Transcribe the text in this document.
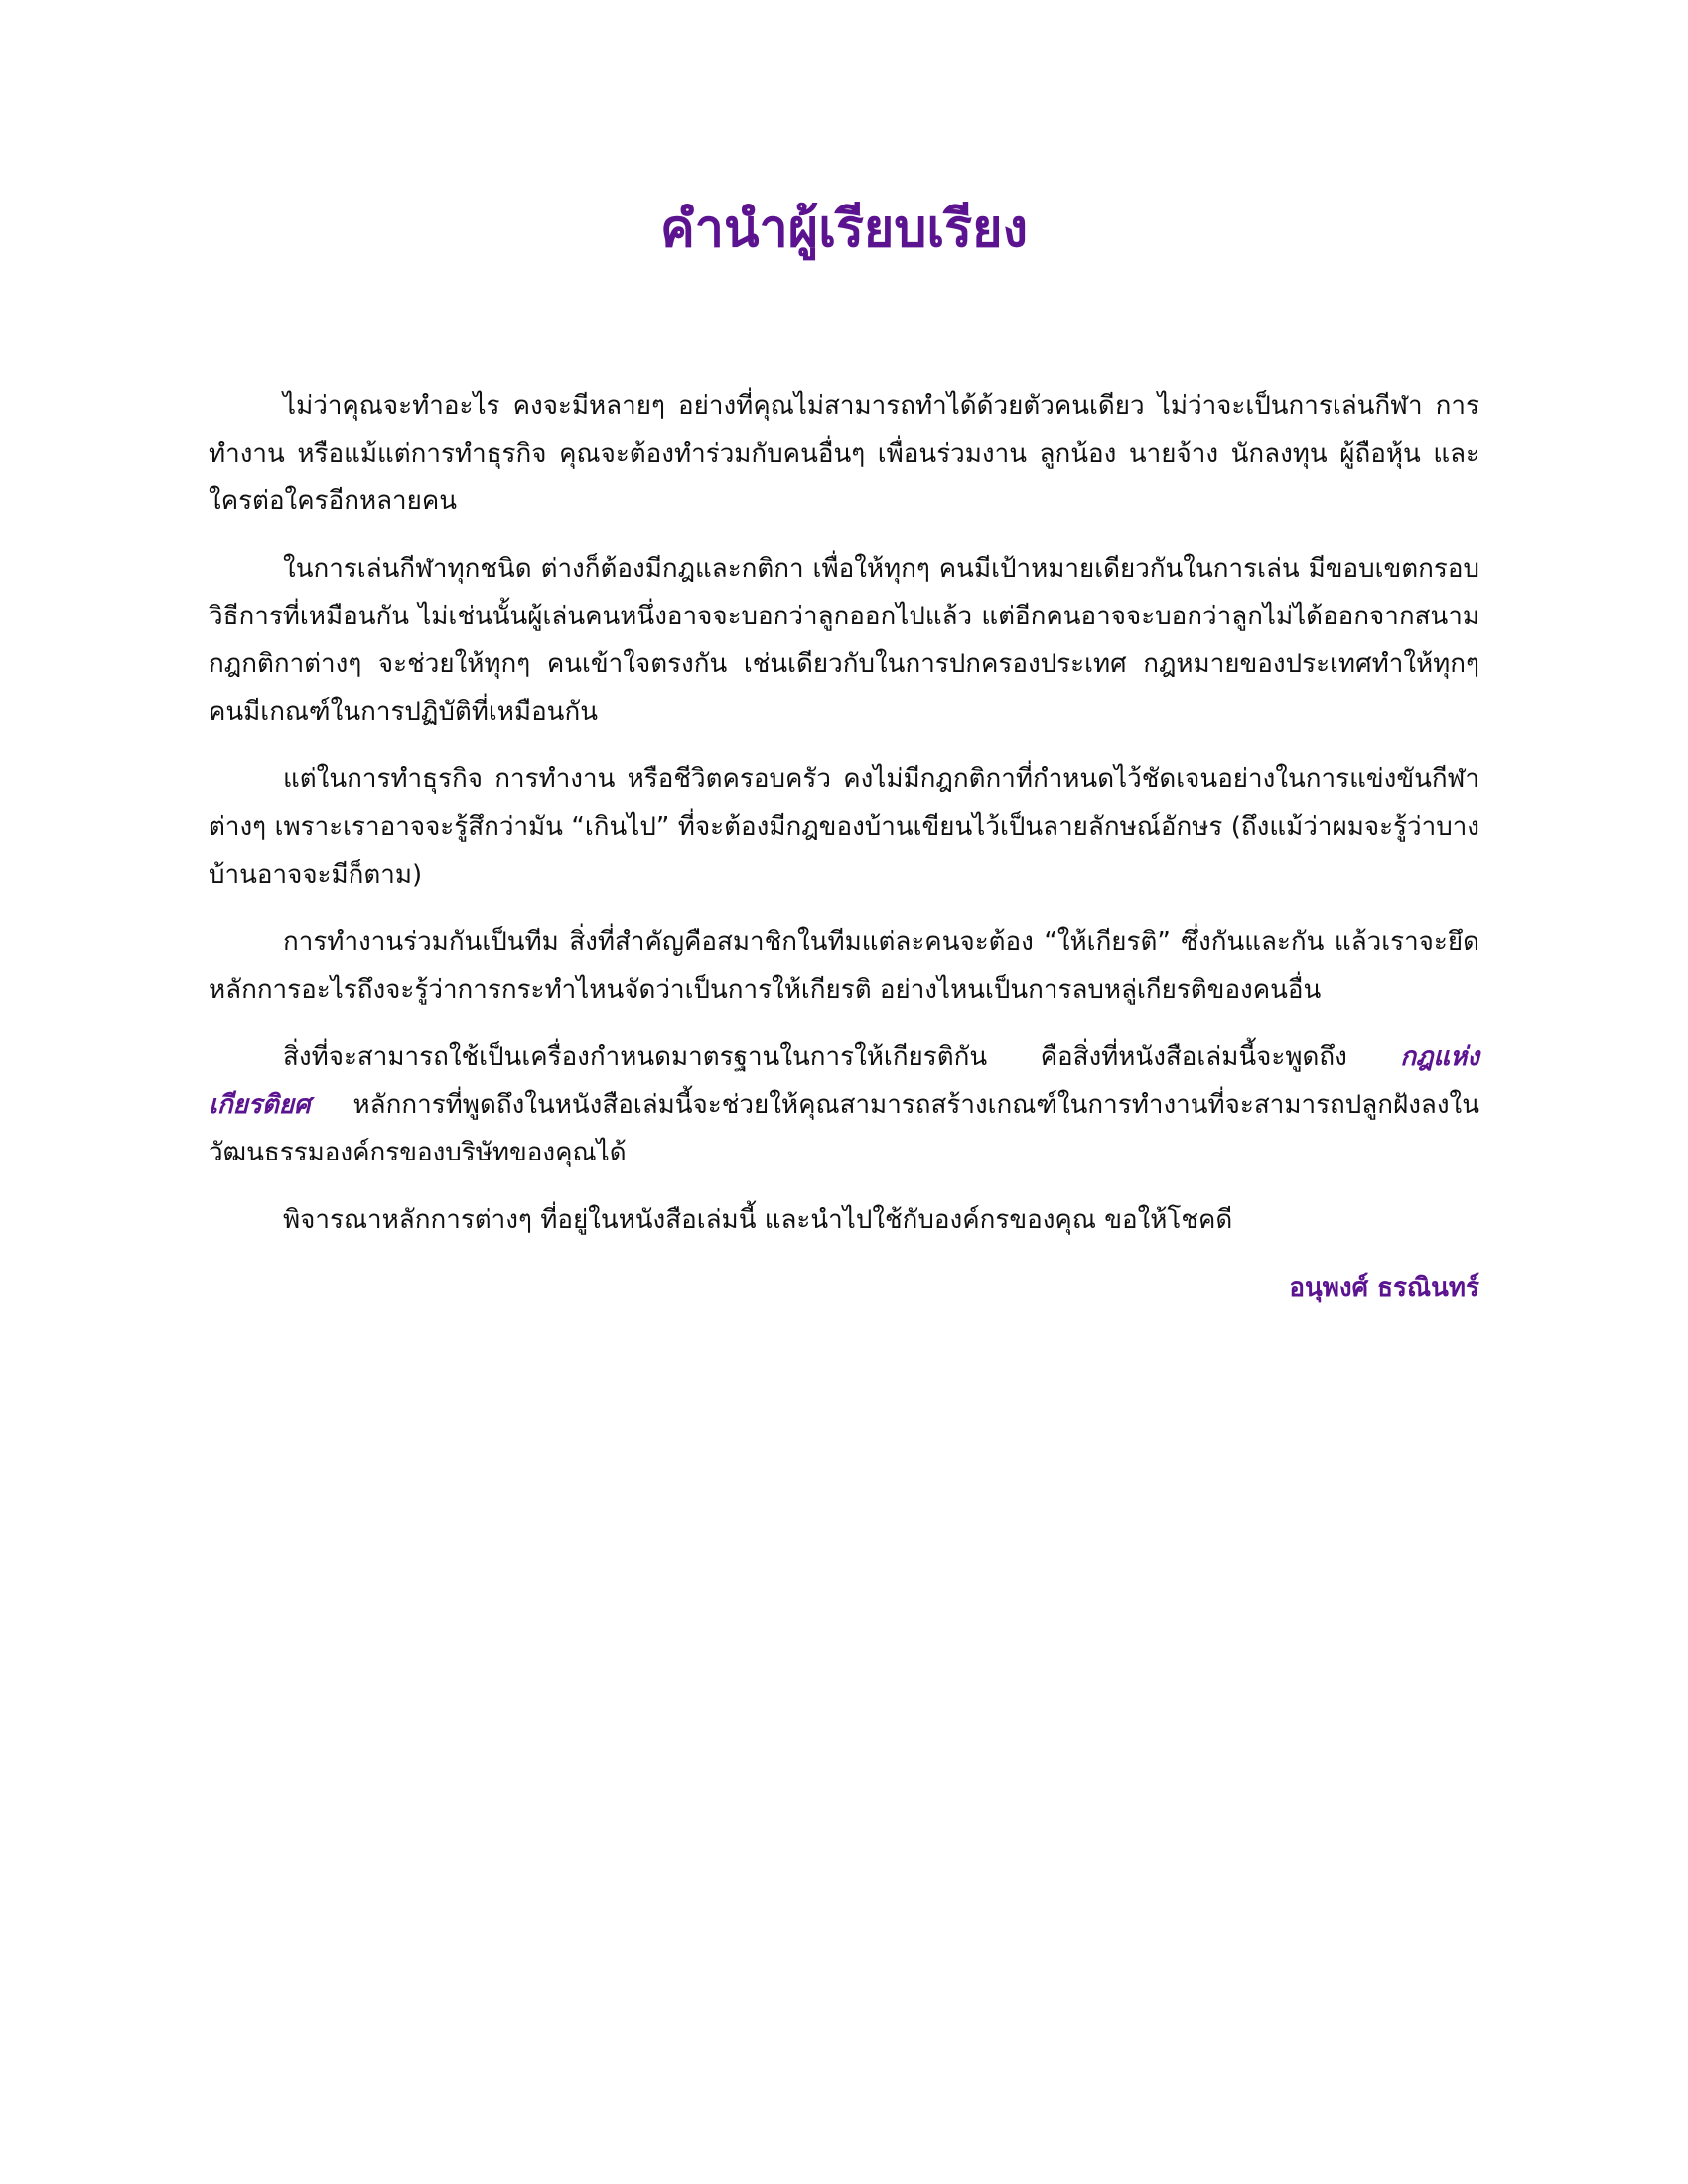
คำนำผู้เรียบเรียง

ไม่ว่าคุณจะทำอะไร คงจะมีหลายๆ อย่างที่คุณไม่สามารถทำได้ด้วยตัวคนเดียว ไม่ว่าจะเป็นการเล่นกีฬา การทำงาน หรือแม้แต่การทำธุรกิจ คุณจะต้องทำร่วมกับคนอื่นๆ เพื่อนร่วมงาน ลูกน้อง นายจ้าง นักลงทุน ผู้ถือหุ้น และใครต่อใครอีกหลายคน

ในการเล่นกีฬาทุกชนิด ต่างก็ต้องมีกฎและกติกา เพื่อให้ทุกๆ คนมีเป้าหมายเดียวกันในการเล่น มีขอบเขตกรอบวิธีการที่เหมือนกัน ไม่เช่นนั้นผู้เล่นคนหนึ่งอาจจะบอกว่าลูกออกไปแล้ว แต่อีกคนอาจจะบอกว่าลูกไม่ได้ออกจากสนาม กฎกติกาต่างๆ จะช่วยให้ทุกๆ คนเข้าใจตรงกัน เช่นเดียวกับในการปกครองประเทศ กฎหมายของประเทศทำให้ทุกๆ คนมีเกณฑ์ในการปฏิบัติที่เหมือนกัน

แต่ในการทำธุรกิจ การทำงาน หรือชีวิตครอบครัว คงไม่มีกฎกติกาที่กำหนดไว้ชัดเจนอย่างในการแข่งขันกีฬาต่างๆ เพราะเราอาจจะรู้สึกว่ามัน “เกินไป” ที่จะต้องมีกฎของบ้านเขียนไว้เป็นลายลักษณ์อักษร (ถึงแม้ว่าผมจะรู้ว่าบางบ้านอาจจะมีก็ตาม)

การทำงานร่วมกันเป็นทีม สิ่งที่สำคัญคือสมาชิกในทีมแต่ละคนจะต้อง “ให้เกียรติ” ซึ่งกันและกัน แล้วเราจะยึดหลักการอะไรถึงจะรู้ว่าการกระทำไหนจัดว่าเป็นการให้เกียรติ อย่างไหนเป็นการลบหลู่เกียรติของคนอื่น

สิ่งที่จะสามารถใช้เป็นเครื่องกำหนดมาตรฐานในการให้เกียรติกัน คือสิ่งที่หนังสือเล่มนี้จะพูดถึง กฎแห่งเกียรติยศ หลักการที่พูดถึงในหนังสือเล่มนี้จะช่วยให้คุณสามารถสร้างเกณฑ์ในการทำงานที่จะสามารถปลูกฝังลงในวัฒนธรรมองค์กรของบริษัทของคุณได้

พิจารณาหลักการต่างๆ ที่อยู่ในหนังสือเล่มนี้ และนำไปใช้กับองค์กรของคุณ ขอให้โชคดี

อนุพงศ์ ธรณินทร์
